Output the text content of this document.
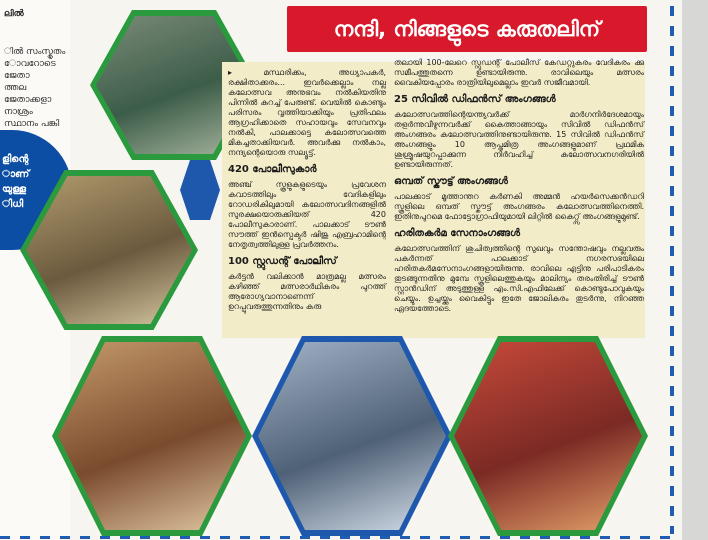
ലിൽ
ിൽ സംസ്കൃതം
ോവറോടെ ജേതാ
ത്തല ജേതാക്കളാ
നാശ്രം സ്ഥാനം പങ്കി
ളിന്റെ
ാണ്
യുള്ള
ിധി
നന്ദി, നിങ്ങളുടെ കരുതലിന്

▸ മസ്ഥരിക്കം, അധ്യാപകർ, രക്ഷിതാക്കരം... ഇവർക്കെല്ലാം നല്ല കലോത്സവ അനുഭവം നൽകിയതിനു പിന്നിൽ കുറച്ച് പേരുണ്ട്. വെയിൽ കൊണ്ടും പരിസരം വൃത്തിയാക്കിയും പ്രതിഫലം ആഗ്രഹിക്കാതെ സഹായവും സേവനവും നൽകി, പാലക്കാട്ടെ കലോത്സവത്തെ മികച്ചതാക്കിയവർ. അവർക്കു നൽകാം, നന്ദ്യന്റെയൊരു സല്യൂട്ട്.

420 പോലീസുകാർ

അഞ്ച് സ്കൂളുകളുടെയും പ്രവേശന കവാടത്തിലും വേദികളിലും റോഡരികിലുമായി കലോത്സവദിനങ്ങളിൽ സുരക്ഷയൊരുക്കിയത് 420 പോലീസുകാരാണ്. പാലക്കാട് ടൗൺ സൗത്ത് ഇൻസ്പെക്ടർ ഷിജു എബ്രഹാമിന്റെ നേതൃത്വത്തിലുള്ള പ്രവർത്തനം.

100 സ്റ്റുഡന്റ് പോലീസ്

കർട്ടൻ വലിക്കാൻ മാത്രമല്ല മത്സരം കഴിഞ്ഞ് മത്സരാർഥികരം പുറത്ത് ആരോഗ്യവാനാണെന്ന് ഉറപ്പുവരുത്തുന്നതിനും കരു

തലായി 100-ലേറെ സ്റ്റുഡന്റ് പോലീസ് കേഡറ്റുകരം വേദികരം ക്കു സമീപത്തുതന്നെ ഉണ്ടായിരുന്നു. രാവിലെയും മത്സരം വൈകിയപ്പോരം രാത്രിയിലുമെല്ലാം ഇവർ സജീവമായി.

25 സിവിൽ ഡിഫൻസ് അംഗങ്ങൾ

കലോത്സവത്തിന്റെയന്ത്യവർക്ക് മാർഗനിർദേശമായും തളർന്നുവീഴുന്നവർക്ക് കൈത്താങ്ങായും സിവിൽ ഡിഫൻസ് അംഗങ്ങരം കലോത്സവത്തിനുണ്ടായിരുന്നു. 15 സിവിൽ ഡിഫൻസ് അംഗങ്ങളും 10 ആപ്തമിത്ര അംഗങ്ങളുമാണ് പ്രഥമിക ശുശ്രൂഷയുറപ്പാക്കുന്ന നിർവഹിച്ച് കലോത്സവനഗരിയിൽ ഉണ്ടായിരുന്നത്.

ഒമ്പത് സ്കൗട്ട് അംഗങ്ങൾ

പാലക്കാട് മൂത്താന്തറ കർണകി അമ്മൻ ഹയർസെക്കൻഡറി സ്കൂളിലെ ഒമ്പത് സ്കൗട്ട് അംഗങ്ങരം കലോത്സവത്തിനെത്തി. ഇതിനുപുറമെ ഫോട്ടോഗ്രാഫിയുമായി ലിറ്റിൽ കൈറ്റ്സ് അംഗങ്ങളുമുണ്ട്.

ഹരിതകർമ സേനാംഗങ്ങൾ

കലോത്സവത്തിന് ശുചിത്വത്തിന്റെ സുഖവും സന്തോഷവും നല്ലവരും പകർന്നത് പാലക്കാട് നഗരസഭയിലെ ഹരിതകർമസേനാംഗങ്ങളായിരുന്നു. രാവിലെ എട്ടിനു പരിപാടികരം തുടങ്ങുന്നതിനു മുമ്പേ സ്കൂളിലെത്തുകയും മാലിന്യം തരംതിരിച്ച് ടൗൺ സ്റ്റാൻഡിന് അടുത്തുള്ള എം.സി.എഫിലേക്ക് കൊണ്ടുപോവുകയും ചെയ്യും. ഉച്ചയ്ക്കും വൈകിട്ടും ഇതേ ജോലികരം തുടർന്നു, നിറഞ്ഞ ഏദയത്തോടെ.
